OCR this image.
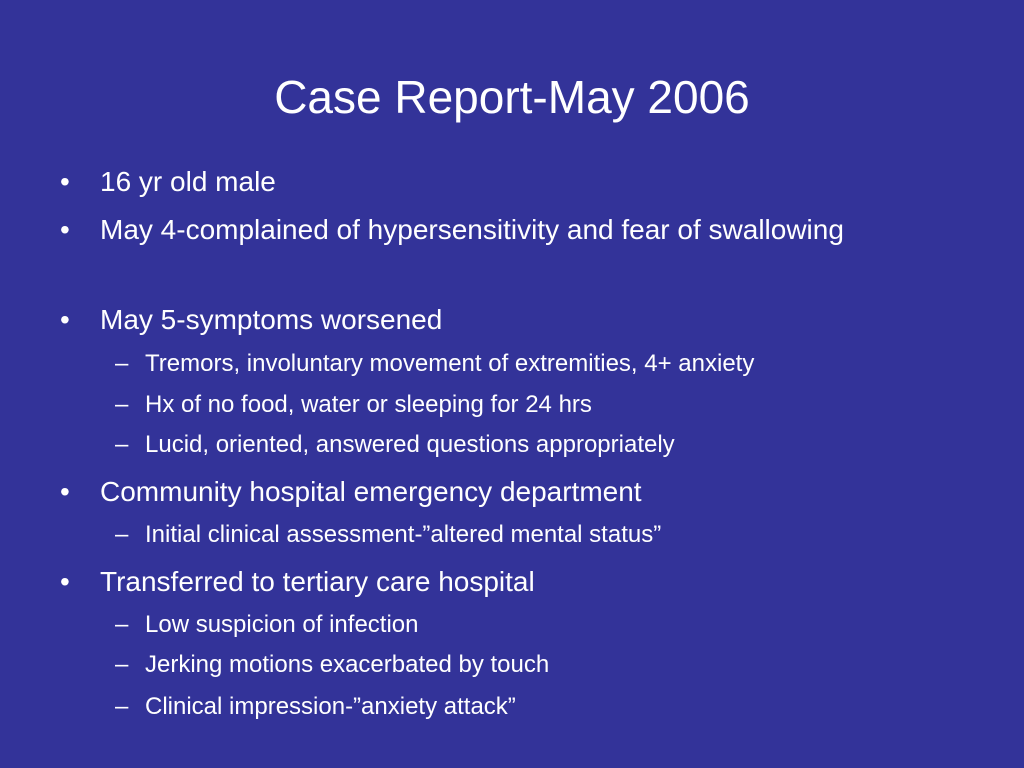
Case Report-May 2006
• 16 yr old male
• May 4-complained of hypersensitivity and fear of swallowing
• May 5-symptoms worsened
– Tremors, involuntary movement of extremities, 4+ anxiety
– Hx of no food, water or sleeping for 24 hrs
– Lucid, oriented, answered questions appropriately
• Community hospital emergency department
– Initial clinical assessment-”altered mental status”
• Transferred to tertiary care hospital
– Low suspicion of infection
– Jerking motions exacerbated by touch
– Clinical impression-”anxiety attack”
